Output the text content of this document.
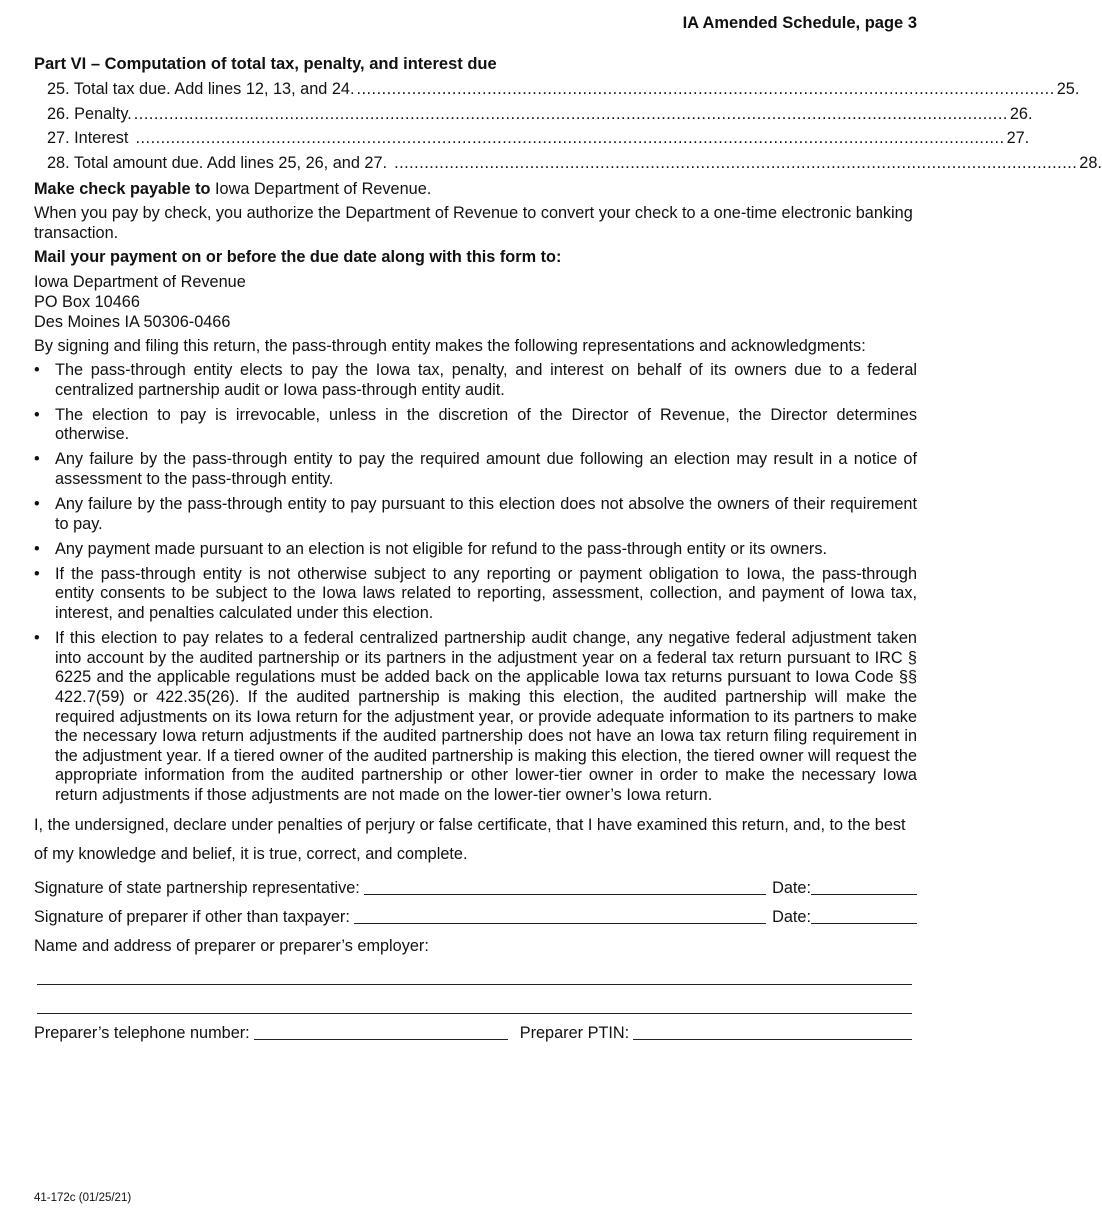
IA Amended Schedule, page 3
Part VI – Computation of total tax, penalty, and interest due
25. Total tax due. Add lines 12, 13, and 24. ........................................................................................................................................... 25.
26. Penalty. .............................................................................................................................................................................. 26.
27. Interest ............................................................................................................................................................................. 27.
28. Total amount due. Add lines 25, 26, and 27. ........................................................................................................................................ 28.

Make check payable to Iowa Department of Revenue.

When you pay by check, you authorize the Department of Revenue to convert your check to a one-time electronic banking transaction.

Mail your payment on or before the due date along with this form to:

Iowa Department of Revenue
PO Box 10466
Des Moines IA 50306-0466

By signing and filing this return, the pass-through entity makes the following representations and acknowledgments:

• The pass-through entity elects to pay the Iowa tax, penalty, and interest on behalf of its owners due to a federal centralized partnership audit or Iowa pass-through entity audit.
• The election to pay is irrevocable, unless in the discretion of the Director of Revenue, the Director determines otherwise.
• Any failure by the pass-through entity to pay the required amount due following an election may result in a notice of assessment to the pass-through entity.
• Any failure by the pass-through entity to pay pursuant to this election does not absolve the owners of their requirement to pay.
• Any payment made pursuant to an election is not eligible for refund to the pass-through entity or its owners.
• If the pass-through entity is not otherwise subject to any reporting or payment obligation to Iowa, the pass-through entity consents to be subject to the Iowa laws related to reporting, assessment, collection, and payment of Iowa tax, interest, and penalties calculated under this election.
• If this election to pay relates to a federal centralized partnership audit change, any negative federal adjustment taken into account by the audited partnership or its partners in the adjustment year on a federal tax return pursuant to IRC § 6225 and the applicable regulations must be added back on the applicable Iowa tax returns pursuant to Iowa Code §§ 422.7(59) or 422.35(26). If the audited partnership is making this election, the audited partnership will make the required adjustments on its Iowa return for the adjustment year, or provide adequate information to its partners to make the necessary Iowa return adjustments if the audited partnership does not have an Iowa tax return filing requirement in the adjustment year. If a tiered owner of the audited partnership is making this election, the tiered owner will request the appropriate information from the audited partnership or other lower-tier owner in order to make the necessary Iowa return adjustments if those adjustments are not made on the lower-tier owner’s Iowa return.

I, the undersigned, declare under penalties of perjury or false certificate, that I have examined this return, and, to the best of my knowledge and belief, it is true, correct, and complete.

Signature of state partnership representative:	Date:
Signature of preparer if other than taxpayer:	Date:
Name and address of preparer or preparer’s employer:
Preparer’s telephone number:	Preparer PTIN:
41-172c (01/25/21)
